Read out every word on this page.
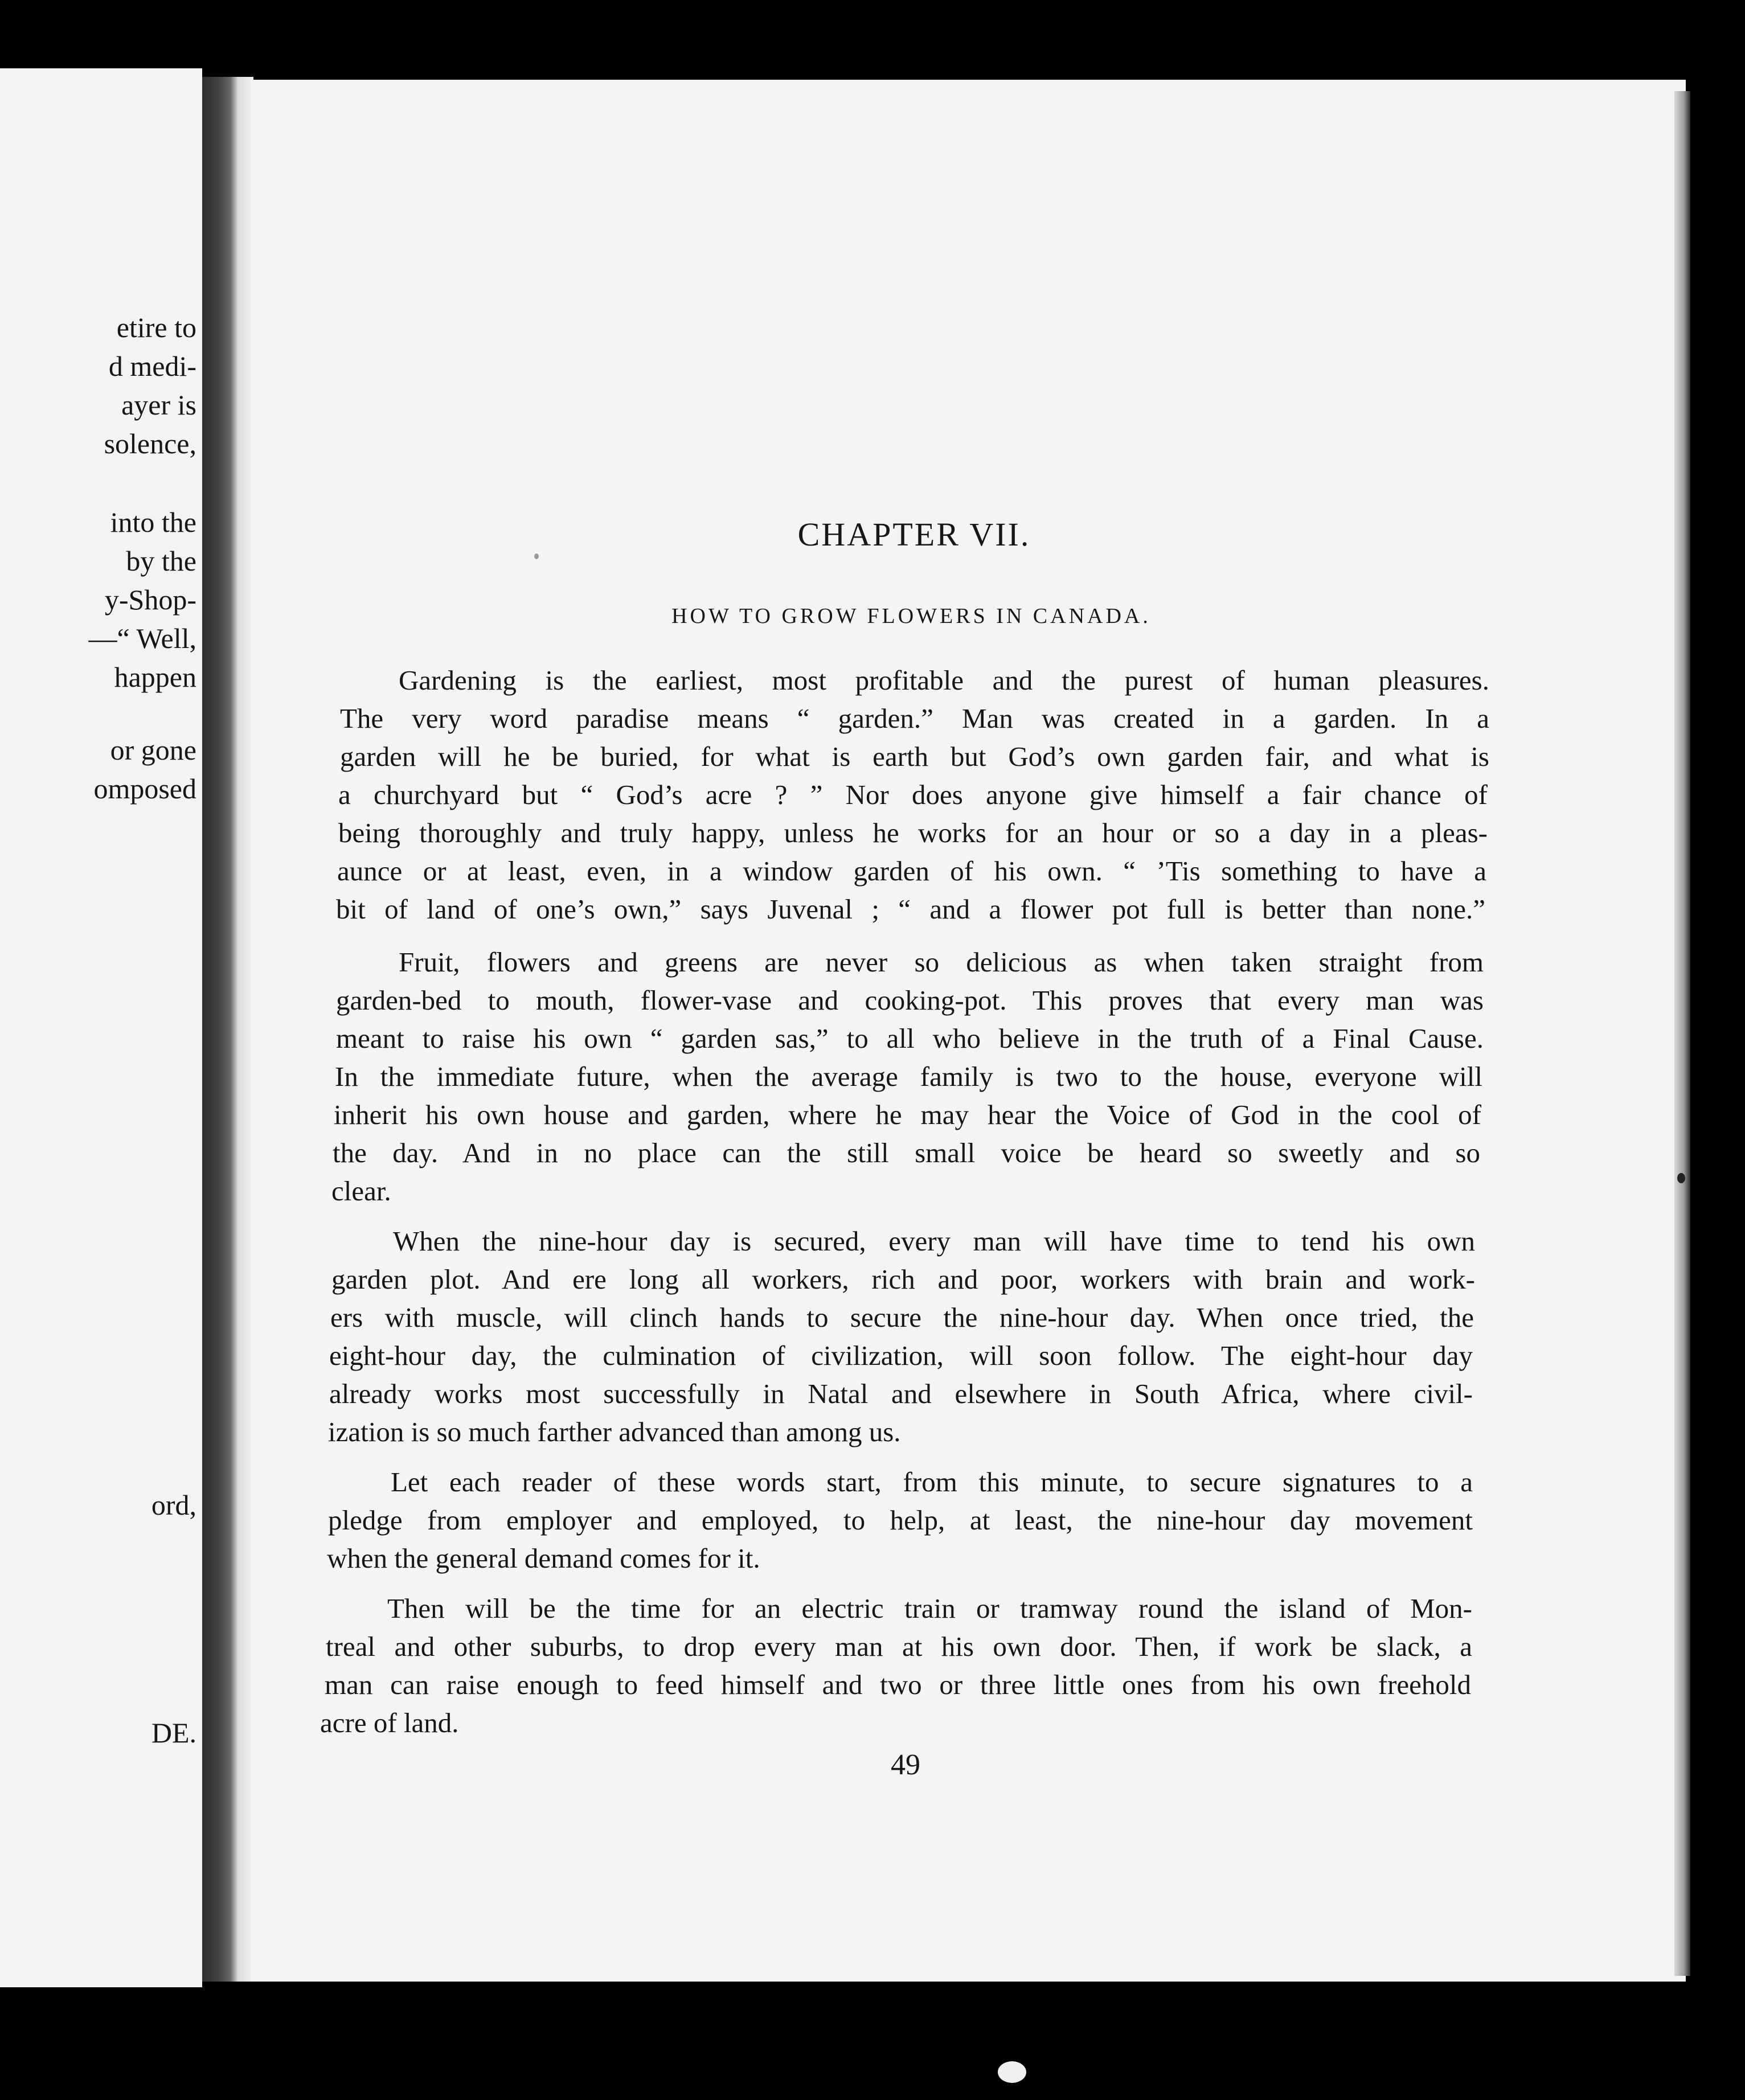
etire to
d medi-
ayer is
solence,
into the
by the
y-Shop-
—“ Well,
happen
or gone
omposed
ord,
DE.
CHAPTER VII.
HOW TO GROW FLOWERS IN CANADA.
Gardening is the earliest, most profitable and the purest of human pleasures.
The very word paradise means “ garden.” Man was created in a garden. In a
garden will he be buried, for what is earth but God’s own garden fair, and what is
a churchyard but “ God’s acre ? ” Nor does anyone give himself a fair chance of
being thoroughly and truly happy, unless he works for an hour or so a day in a pleas-
aunce or at least, even, in a window garden of his own. “ ’Tis something to have a
bit of land of one’s own,” says Juvenal ; “ and a flower pot full is better than none.”
Fruit, flowers and greens are never so delicious as when taken straight from
garden-bed to mouth, flower-vase and cooking-pot. This proves that every man was
meant to raise his own “ garden sas,” to all who believe in the truth of a Final Cause.
In the immediate future, when the average family is two to the house, everyone will
inherit his own house and garden, where he may hear the Voice of God in the cool of
the day. And in no place can the still small voice be heard so sweetly and so
clear.
When the nine-hour day is secured, every man will have time to tend his own
garden plot. And ere long all workers, rich and poor, workers with brain and work-
ers with muscle, will clinch hands to secure the nine-hour day. When once tried, the
eight-hour day, the culmination of civilization, will soon follow. The eight-hour day
already works most successfully in Natal and elsewhere in South Africa, where civil-
ization is so much farther advanced than among us.
Let each reader of these words start, from this minute, to secure signatures to a
pledge from employer and employed, to help, at least, the nine-hour day movement
when the general demand comes for it.
Then will be the time for an electric train or tramway round the island of Mon-
treal and other suburbs, to drop every man at his own door. Then, if work be slack, a
man can raise enough to feed himself and two or three little ones from his own freehold
acre of land.
49
